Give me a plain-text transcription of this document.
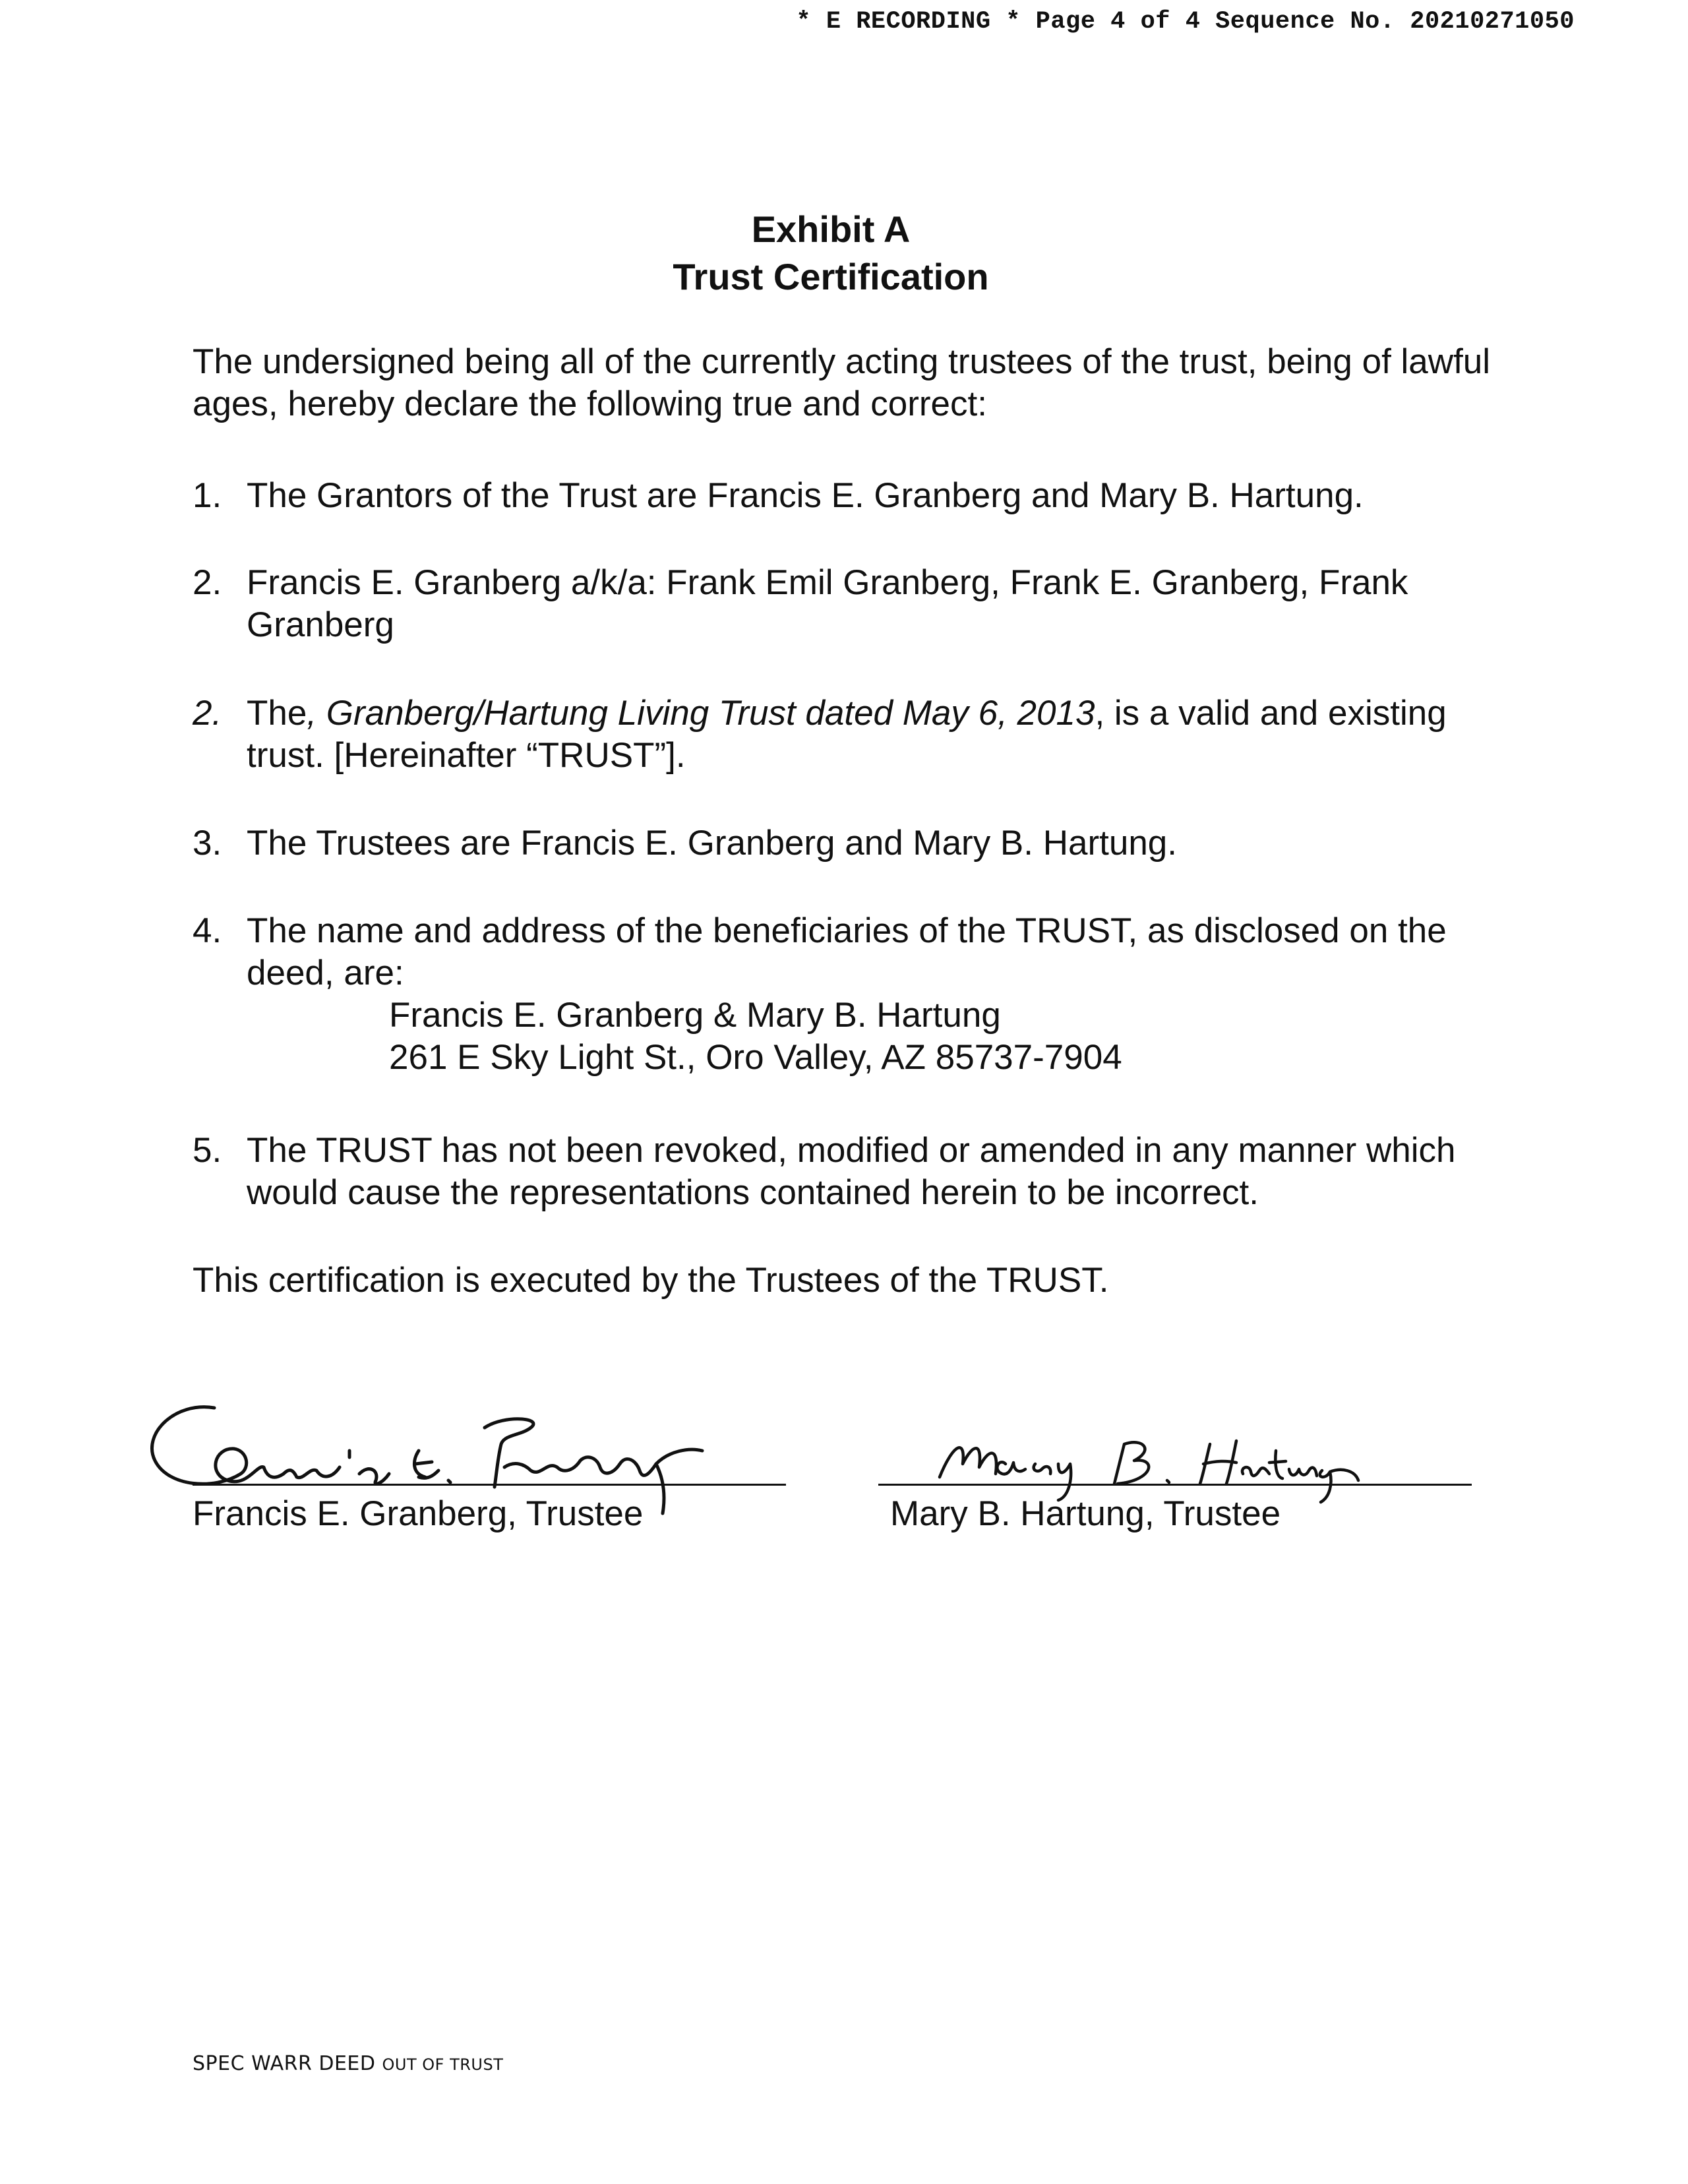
* E RECORDING * Page 4 of 4 Sequence No. 20210271050
Exhibit A
Trust Certification
The undersigned being all of the currently acting trustees of the trust, being of lawful ages, hereby declare the following true and correct:
1. The Grantors of the Trust are Francis E. Granberg and Mary B. Hartung.
2. Francis E. Granberg a/k/a: Frank Emil Granberg, Frank E. Granberg, Frank Granberg
2. The, Granberg/Hartung Living Trust dated May 6, 2013, is a valid and existing trust. [Hereinafter “TRUST”].
3. The Trustees are Francis E. Granberg and Mary B. Hartung.
4. The name and address of the beneficiaries of the TRUST, as disclosed on the deed, are:
Francis E. Granberg & Mary B. Hartung
261 E Sky Light St., Oro Valley, AZ 85737-7904
5. The TRUST has not been revoked, modified or amended in any manner which would cause the representations contained herein to be incorrect.
This certification is executed by the Trustees of the TRUST.
Francis E. Granberg, Trustee	Mary B. Hartung, Trustee
SPEC WARR DEED OUT OF TRUST
